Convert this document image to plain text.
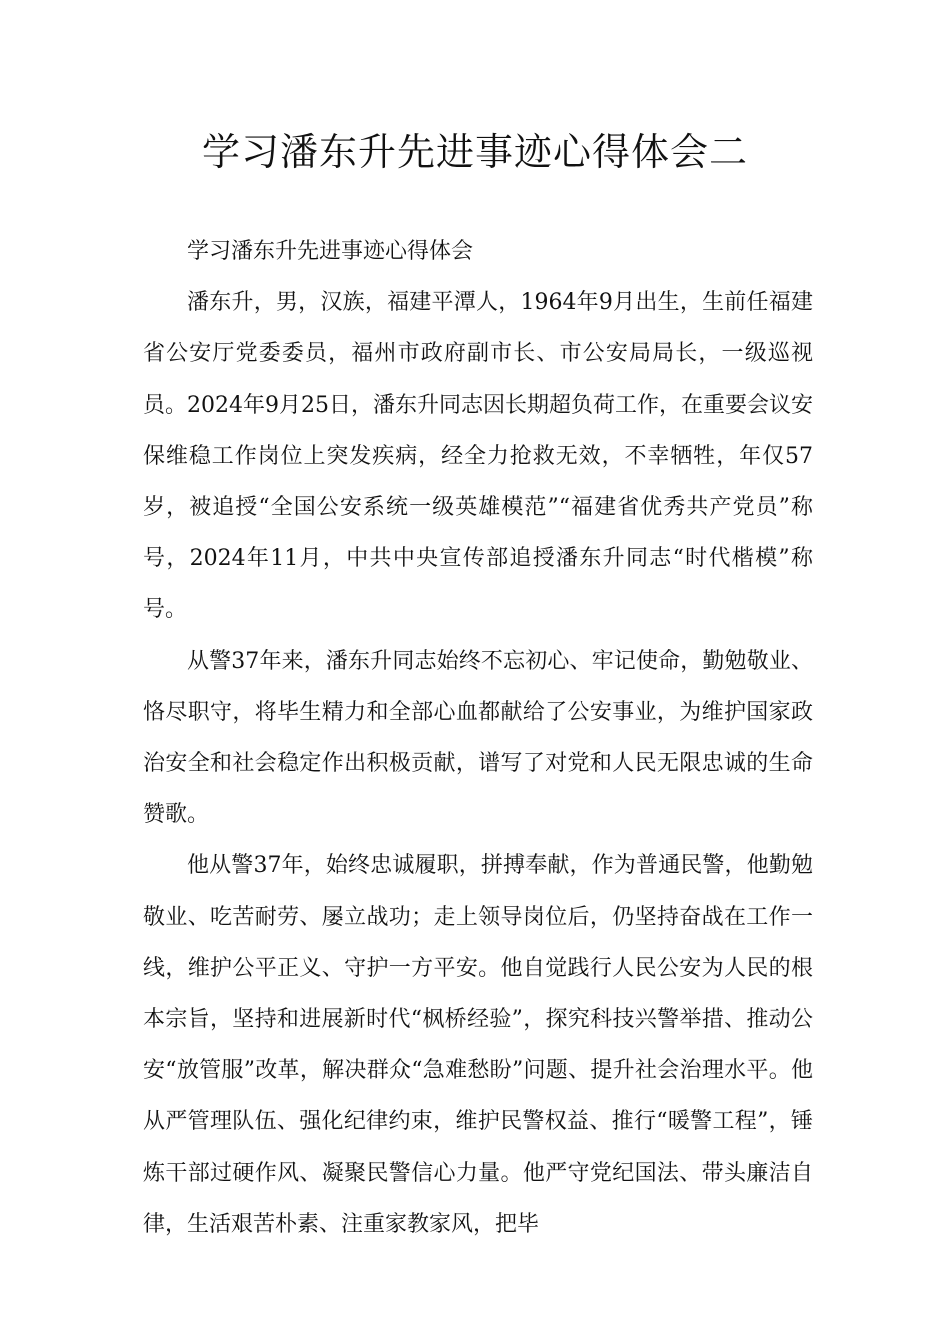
学习潘东升先进事迹心得体会二

学习潘东升先进事迹心得体会

潘东升，男，汉族，福建平潭人，1964年9月出生，生前任福建省公安厅党委委员，福州市政府副市长、市公安局局长，一级巡视员。2024年9月25日，潘东升同志因长期超负荷工作，在重要会议安保维稳工作岗位上突发疾病，经全力抢救无效，不幸牺牲，年仅57岁，被追授“全国公安系统一级英雄模范”“福建省优秀共产党员”称号，2024年11月，中共中央宣传部追授潘东升同志“时代楷模”称号。

从警37年来，潘东升同志始终不忘初心、牢记使命，勤勉敬业、恪尽职守，将毕生精力和全部心血都献给了公安事业，为维护国家政治安全和社会稳定作出积极贡献，谱写了对党和人民无限忠诚的生命赞歌。

他从警37年，始终忠诚履职，拼搏奉献，作为普通民警，他勤勉敬业、吃苦耐劳、屡立战功；走上领导岗位后，仍坚持奋战在工作一线，维护公平正义、守护一方平安。他自觉践行人民公安为人民的根本宗旨，坚持和进展新时代“枫桥经验”，探究科技兴警举措、推动公安“放管服”改革，解决群众“急难愁盼”问题、提升社会治理水平。他从严管理队伍、强化纪律约束，维护民警权益、推行“暖警工程”，锤炼干部过硬作风、凝聚民警信心力量。他严守党纪国法、带头廉洁自律，生活艰苦朴素、注重家教家风，把毕
